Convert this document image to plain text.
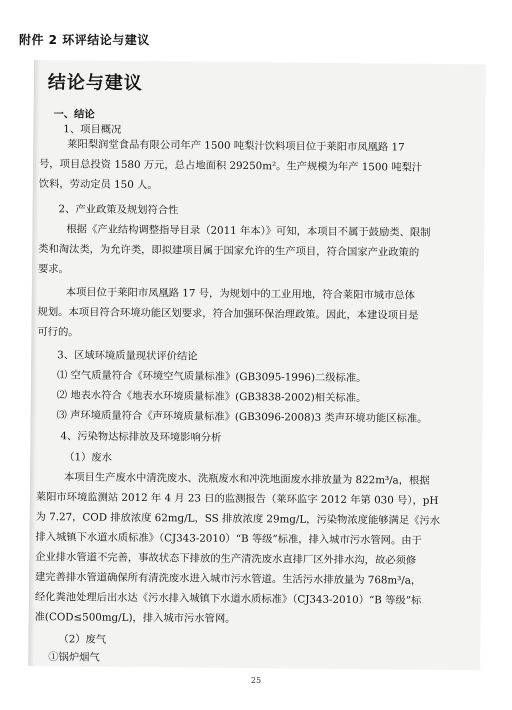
附件 2 环评结论与建议
结论与建议
一、结论
1、项目概况
莱阳梨润堂食品有限公司年产 1500 吨梨汁饮料项目位于莱阳市凤凰路 17
号，项目总投资 1580 万元，总占地面积 29250m²。生产规模为年产 1500 吨梨汁
饮料，劳动定员 150 人。
2、产业政策及规划符合性
根据《产业结构调整指导目录（2011 年本）》可知，本项目不属于鼓励类、限制
类和淘汰类，为允许类，即拟建项目属于国家允许的生产项目，符合国家产业政策的
要求。
本项目位于莱阳市凤凰路 17 号，为规划中的工业用地，符合莱阳市城市总体
规划。本项目符合环境功能区划要求，符合加强环保治理政策。因此，本建设项目是
可行的。
3、区域环境质量现状评价结论
⑴ 空气质量符合《环境空气质量标准》(GB3095-1996)二级标准。
⑵ 地表水符合《地表水环境质量标准》(GB3838-2002)相关标准。
⑶ 声环境质量符合《声环境质量标准》(GB3096-2008)3 类声环境功能区标准。
4、污染物达标排放及环境影响分析
（1）废水
本项目生产废水中清洗废水、洗瓶废水和冲洗地面废水排放量为 822m³/a，根据
莱阳市环境监测站 2012 年 4 月 23 日的监测报告（莱环监字 2012 年第 030 号），pH
为 7.27，COD 排放浓度 62mg/L，SS 排放浓度 29mg/L，污染物浓度能够满足《污水
排入城镇下水道水质标准》（CJ343-2010）“B 等级”标准，排入城市污水管网。由于
企业排水管道不完善，事故状态下排放的生产清洗废水直排厂区外排水沟，故必须修
建完善排水管道确保所有清洗废水进入城市污水管道。生活污水排放量为 768m³/a，
经化粪池处理后出水达《污水排入城镇下水道水质标准》（CJ343-2010）“B 等级”标
准(COD≤500mg/L)，排入城市污水管网。
（2）废气
①锅炉烟气
25
